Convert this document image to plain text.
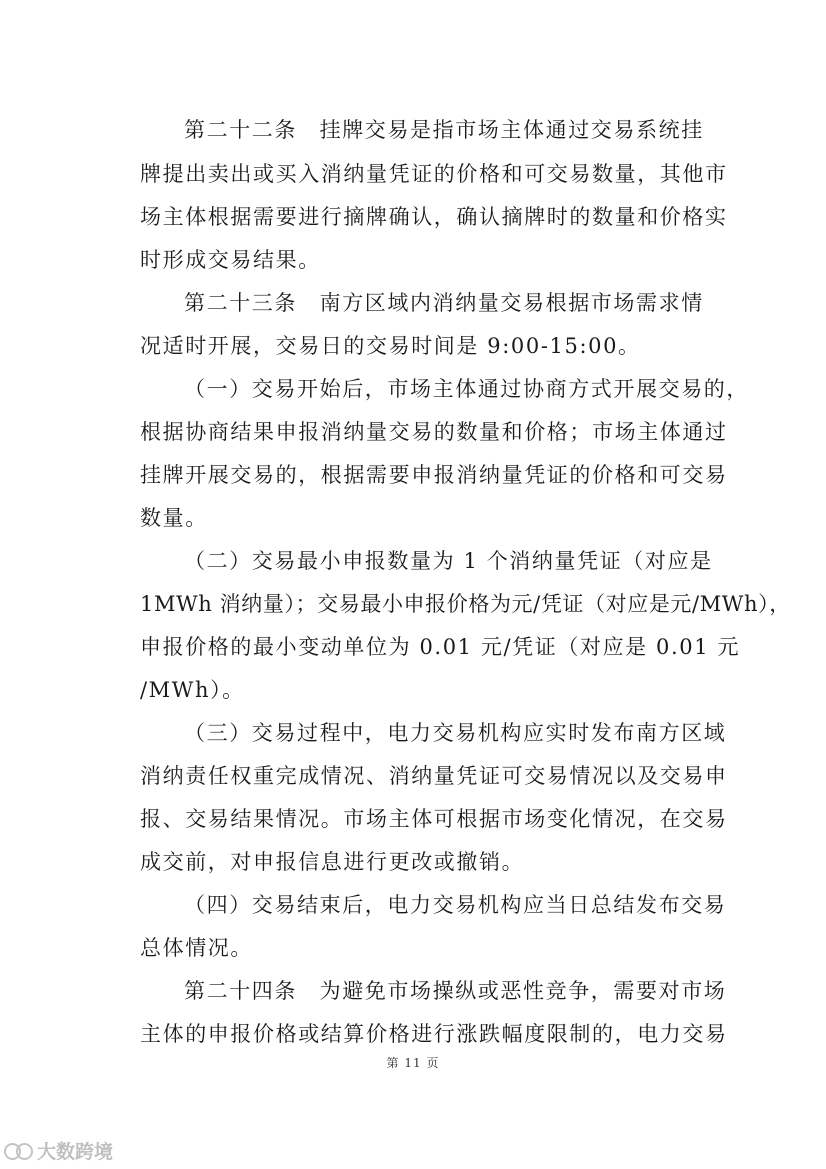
第二十二条　挂牌交易是指市场主体通过交易系统挂
牌提出卖出或买入消纳量凭证的价格和可交易数量，其他市
场主体根据需要进行摘牌确认，确认摘牌时的数量和价格实
时形成交易结果。
第二十三条　南方区域内消纳量交易根据市场需求情
况适时开展，交易日的交易时间是 9:00-15:00。
（一）交易开始后，市场主体通过协商方式开展交易的，
根据协商结果申报消纳量交易的数量和价格；市场主体通过
挂牌开展交易的，根据需要申报消纳量凭证的价格和可交易
数量。
（二）交易最小申报数量为 1 个消纳量凭证（对应是
1MWh 消纳量）；交易最小申报价格为元/凭证（对应是元/MWh），
申报价格的最小变动单位为 0.01 元/凭证（对应是 0.01 元
/MWh）。
（三）交易过程中，电力交易机构应实时发布南方区域
消纳责任权重完成情况、消纳量凭证可交易情况以及交易申
报、交易结果情况。市场主体可根据市场变化情况，在交易
成交前，对申报信息进行更改或撤销。
（四）交易结束后，电力交易机构应当日总结发布交易
总体情况。
第二十四条　为避免市场操纵或恶性竞争，需要对市场
主体的申报价格或结算价格进行涨跌幅度限制的，电力交易
第 11 页
大数跨境
